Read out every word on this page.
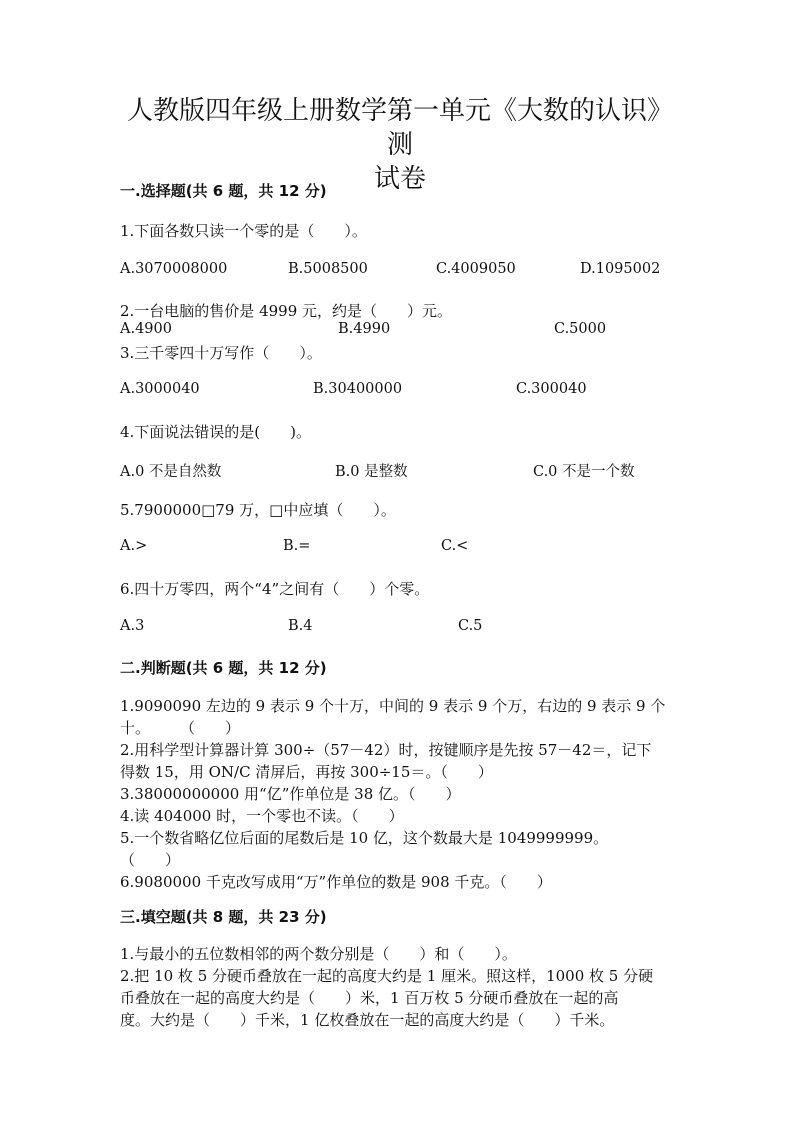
人教版四年级上册数学第一单元《大数的认识》测
试卷
一.选择题(共 6 题，共 12 分)
1.下面各数只读一个零的是（　　）。
A.3070008000	B.5008500	C.4009050	D.1095002
2.一台电脑的售价是 4999 元，约是（　　）元。
A.4900	B.4990	C.5000
3.三千零四十万写作（　　）。
A.3000040	B.30400000	C.300040
4.下面说法错误的是(　　)。
A.0 不是自然数	B.0 是整数	C.0 不是一个数
5.7900000□79 万，□中应填（　　）。
A.>	B.=	C.<
6.四十万零四，两个“4”之间有（　　）个零。
A.3	B.4	C.5
二.判断题(共 6 题，共 12 分)
1.9090090 左边的 9 表示 9 个十万，中间的 9 表示 9 个万，右边的 9 表示 9 个
十。　　　（　　）
2.用科学型计算器计算 300÷（57－42）时，按键顺序是先按 57－42＝，记下
得数 15，用 ON/C 清屏后，再按 300÷15＝。（　　）
3.38000000000 用“亿”作单位是 38 亿。（　　）
4.读 404000 时，一个零也不读。（　　）
5.一个数省略亿位后面的尾数后是 10 亿，这个数最大是 1049999999。
（　　）
6.9080000 千克改写成用“万”作单位的数是 908 千克。（　　）
三.填空题(共 8 题，共 23 分)
1.与最小的五位数相邻的两个数分别是（　　）和（　　）。
2.把 10 枚 5 分硬币叠放在一起的高度大约是 1 厘米。照这样，1000 枚 5 分硬
币叠放在一起的高度大约是（　　）米，1 百万枚 5 分硬币叠放在一起的高
度。大约是（　　）千米，1 亿枚叠放在一起的高度大约是（　　）千米。
